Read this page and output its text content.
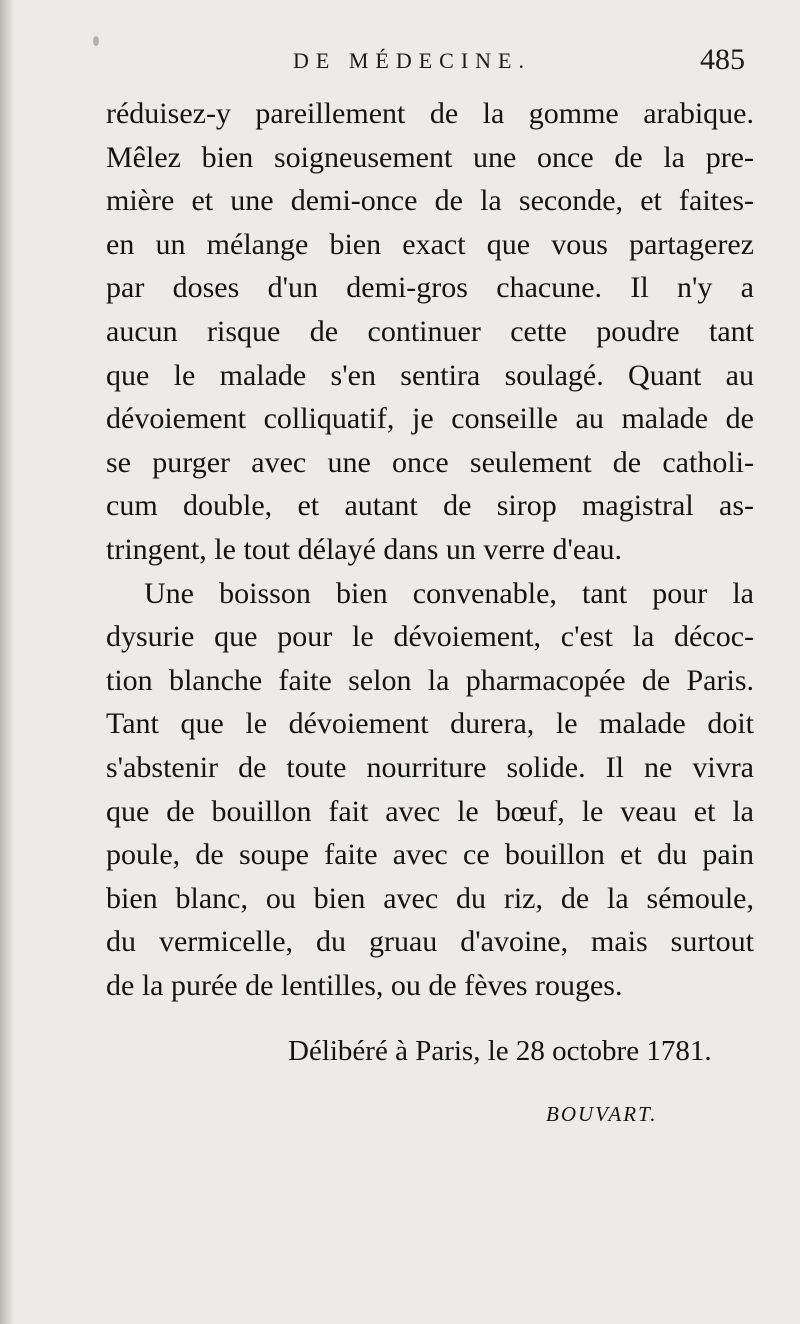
DE MÉDECINE.	485
réduisez-y pareillement de la gomme arabique.
Mêlez bien soigneusement une once de la pre-
mière et une demi-once de la seconde, et faites-
en un mélange bien exact que vous partagerez
par doses d'un demi-gros chacune. Il n'y a
aucun risque de continuer cette poudre tant
que le malade s'en sentira soulagé. Quant au
dévoiement colliquatif, je conseille au malade de
se purger avec une once seulement de catholi-
cum double, et autant de sirop magistral as-
tringent, le tout délayé dans un verre d'eau.
Une boisson bien convenable, tant pour la
dysurie que pour le dévoiement, c'est la décoc-
tion blanche faite selon la pharmacopée de Paris.
Tant que le dévoiement durera, le malade doit
s'abstenir de toute nourriture solide. Il ne vivra
que de bouillon fait avec le bœuf, le veau et la
poule, de soupe faite avec ce bouillon et du pain
bien blanc, ou bien avec du riz, de la sémoule,
du vermicelle, du gruau d'avoine, mais surtout
de la purée de lentilles, ou de fèves rouges.
Délibéré à Paris, le 28 octobre 1781.
BOUVART.
